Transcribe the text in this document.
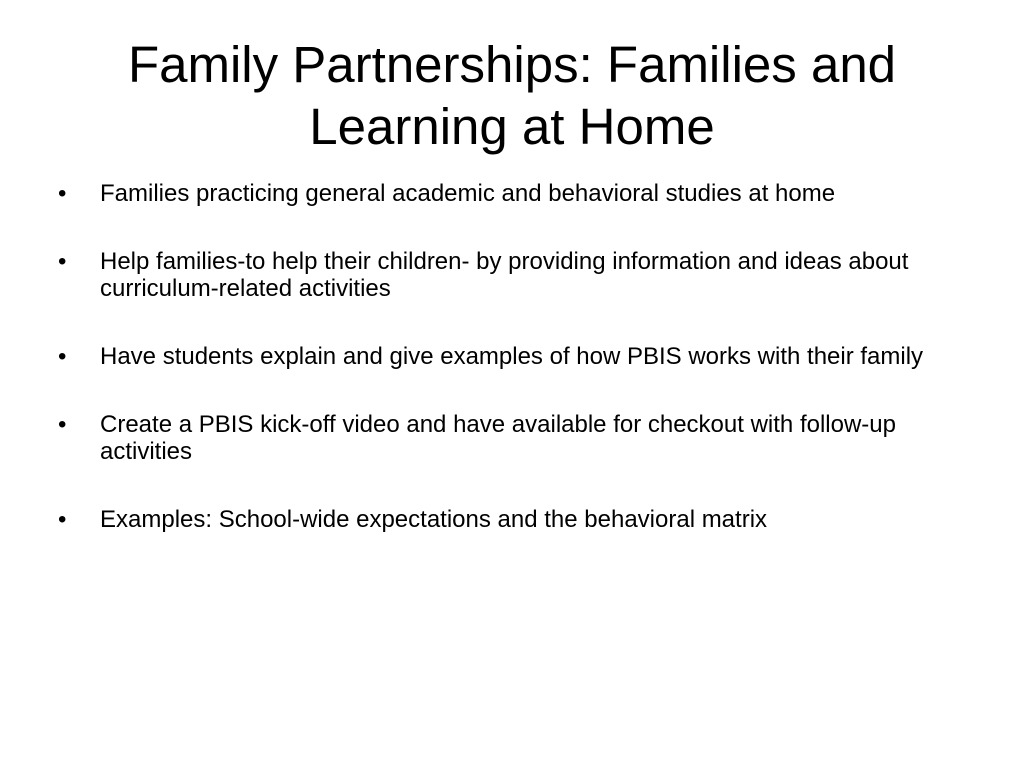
Family Partnerships: Families and Learning at Home
• Families practicing general academic and behavioral studies at home
• Help families-to help their children- by providing information and ideas about curriculum-related activities
• Have students explain and give examples of how PBIS works with their family
• Create a PBIS kick-off video and have available for checkout with follow-up activities
• Examples: School-wide expectations and the behavioral matrix
